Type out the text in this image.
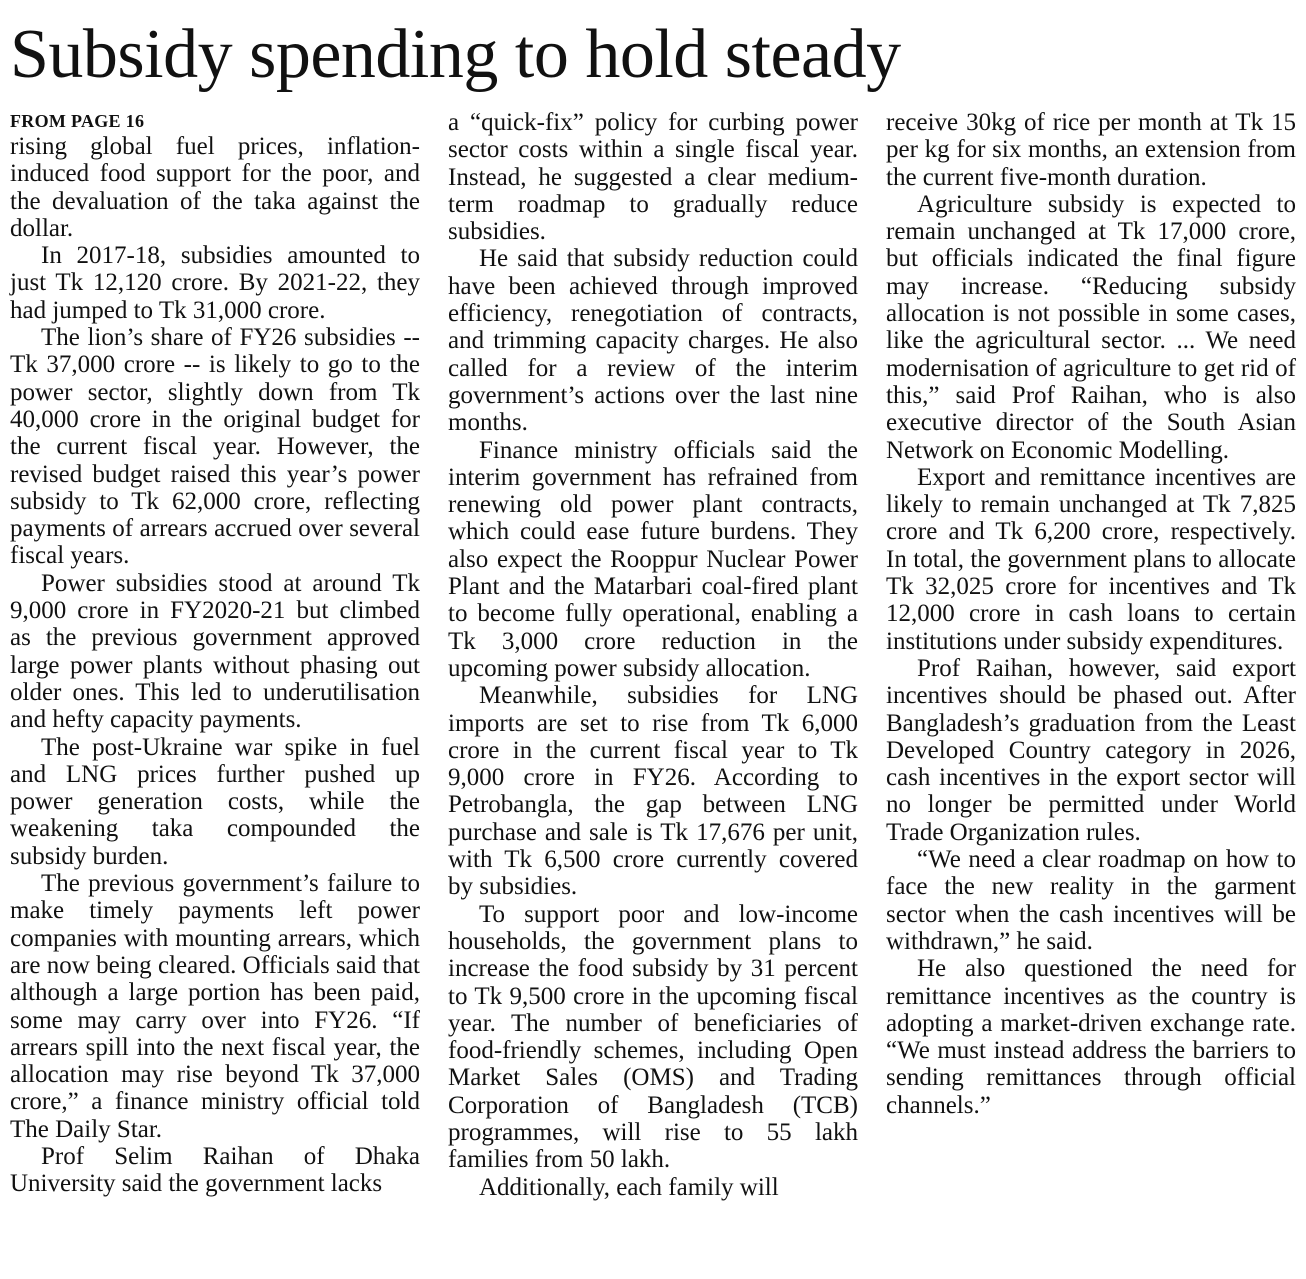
Subsidy spending to hold steady
FROM PAGE 16

rising global fuel prices, inflation-induced food support for the poor, and the devaluation of the taka against the dollar.

In 2017-18, subsidies amounted to just Tk 12,120 crore. By 2021-22, they had jumped to Tk 31,000 crore.

The lion’s share of FY26 subsidies -- Tk 37,000 crore -- is likely to go to the power sector, slightly down from Tk 40,000 crore in the original budget for the current fiscal year. However, the revised budget raised this year’s power subsidy to Tk 62,000 crore, reflecting payments of arrears accrued over several fiscal years.

Power subsidies stood at around Tk 9,000 crore in FY2020-21 but climbed as the previous government approved large power plants without phasing out older ones. This led to underutilisation and hefty capacity payments.

The post-Ukraine war spike in fuel and LNG prices further pushed up power generation costs, while the weakening taka compounded the subsidy burden.

The previous government’s failure to make timely payments left power companies with mounting arrears, which are now being cleared. Officials said that although a large portion has been paid, some may carry over into FY26. “If arrears spill into the next fiscal year, the allocation may rise beyond Tk 37,000 crore,” a finance ministry official told The Daily Star.

Prof Selim Raihan of Dhaka University said the government lacks

a “quick-fix” policy for curbing power sector costs within a single fiscal year. Instead, he suggested a clear medium-term roadmap to gradually reduce subsidies.

He said that subsidy reduction could have been achieved through improved efficiency, renegotiation of contracts, and trimming capacity charges. He also called for a review of the interim government’s actions over the last nine months.

Finance ministry officials said the interim government has refrained from renewing old power plant contracts, which could ease future burdens. They also expect the Rooppur Nuclear Power Plant and the Matarbari coal-fired plant to become fully operational, enabling a Tk 3,000 crore reduction in the upcoming power subsidy allocation.

Meanwhile, subsidies for LNG imports are set to rise from Tk 6,000 crore in the current fiscal year to Tk 9,000 crore in FY26. According to Petrobangla, the gap between LNG purchase and sale is Tk 17,676 per unit, with Tk 6,500 crore currently covered by subsidies.

To support poor and low-income households, the government plans to increase the food subsidy by 31 percent to Tk 9,500 crore in the upcoming fiscal year. The number of beneficiaries of food-friendly schemes, including Open Market Sales (OMS) and Trading Corporation of Bangladesh (TCB) programmes, will rise to 55 lakh families from 50 lakh.

Additionally, each family will

receive 30kg of rice per month at Tk 15 per kg for six months, an extension from the current five-month duration.

Agriculture subsidy is expected to remain unchanged at Tk 17,000 crore, but officials indicated the final figure may increase. “Reducing subsidy allocation is not possible in some cases, like the agricultural sector. ... We need modernisation of agriculture to get rid of this,” said Prof Raihan, who is also executive director of the South Asian Network on Economic Modelling.

Export and remittance incentives are likely to remain unchanged at Tk 7,825 crore and Tk 6,200 crore, respectively. In total, the government plans to allocate Tk 32,025 crore for incentives and Tk 12,000 crore in cash loans to certain institutions under subsidy expenditures.

Prof Raihan, however, said export incentives should be phased out. After Bangladesh’s graduation from the Least Developed Country category in 2026, cash incentives in the export sector will no longer be permitted under World Trade Organization rules.

“We need a clear roadmap on how to face the new reality in the garment sector when the cash incentives will be withdrawn,” he said.

He also questioned the need for remittance incentives as the country is adopting a market-driven exchange rate. “We must instead address the barriers to sending remittances through official channels.”
